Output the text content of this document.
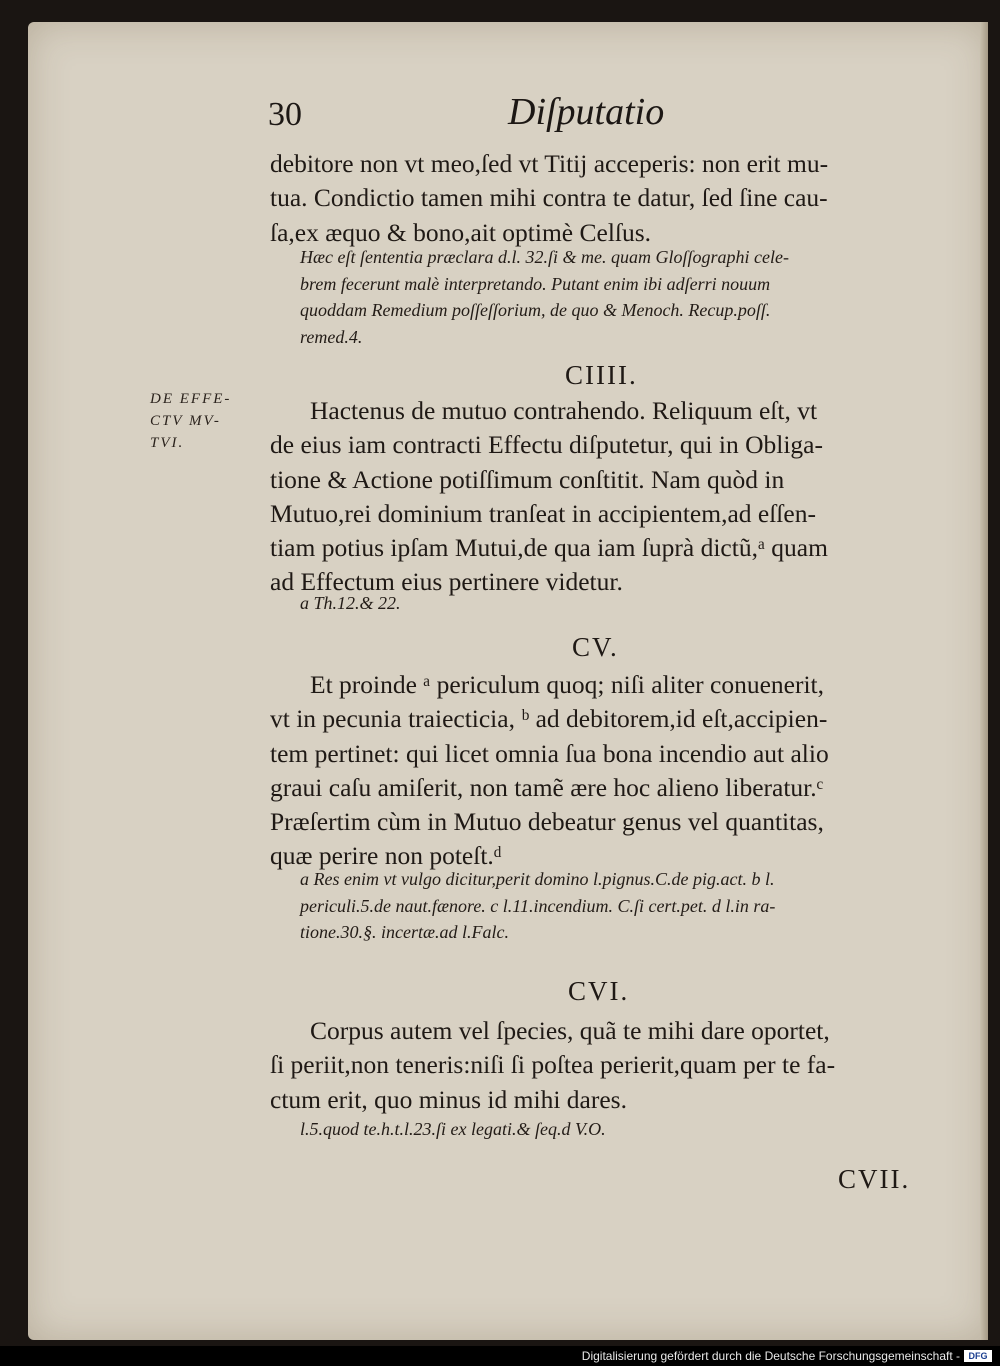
30	Diſputatio
debitore non vt meo,ſed vt Titij acceperis: non erit mu-
tua. Condictio tamen mihi contra te datur, ſed ſine cau-
ſa,ex æquo & bono,ait optimè Celſus.
Hæc eſt ſententia præclara d.l. 32.ſi & me. quam Gloſſographi cele-
brem fecerunt malè interpretando. Putant enim ibi adſerri nouum
quoddam Remedium poſſeſſorium, de quo & Menoch. Recup.poſſ.
remed.4.
CIIII.
DE EFFE-
CTV MV-
TVI.
Hactenus de mutuo contrahendo. Reliquum eſt, vt
de eius iam contracti Effectu diſputetur, qui in Obliga-
tione & Actione potiſſimum conſtitit. Nam quòd in
Mutuo,rei dominium tranſeat in accipientem,ad eſſen-
tiam potius ipſam Mutui,de qua iam ſuprà dictũ,ᵃ quam
ad Effectum eius pertinere videtur.
a Th.12.& 22.
CV.
Et proinde ᵃ periculum quoq; niſi aliter conuenerit,
vt in pecunia traiecticia, ᵇ ad debitorem,id eſt,accipien-
tem pertinet: qui licet omnia ſua bona incendio aut alio
graui caſu amiſerit, non tamẽ ære hoc alieno liberatur.ᶜ
Præſertim cùm in Mutuo debeatur genus vel quantitas,
quæ perire non poteſt.ᵈ
a Res enim vt vulgo dicitur,perit domino l.pignus.C.de pig.act. b l.
periculi.5.de naut.fænore. c l.11.incendium. C.ſi cert.pet. d l.in ra-
tione.30.§. incertæ.ad l.Falc.
CVI.
Corpus autem vel ſpecies, quã te mihi dare oportet,
ſi periit,non teneris:niſi ſi poſtea perierit,quam per te fa-
ctum erit, quo minus id mihi dares.
l.5.quod te.h.t.l.23.ſi ex legati.& ſeq.d V.O.
CVII.
Digitalisierung gefördert durch die Deutsche Forschungsgemeinschaft - DFG
